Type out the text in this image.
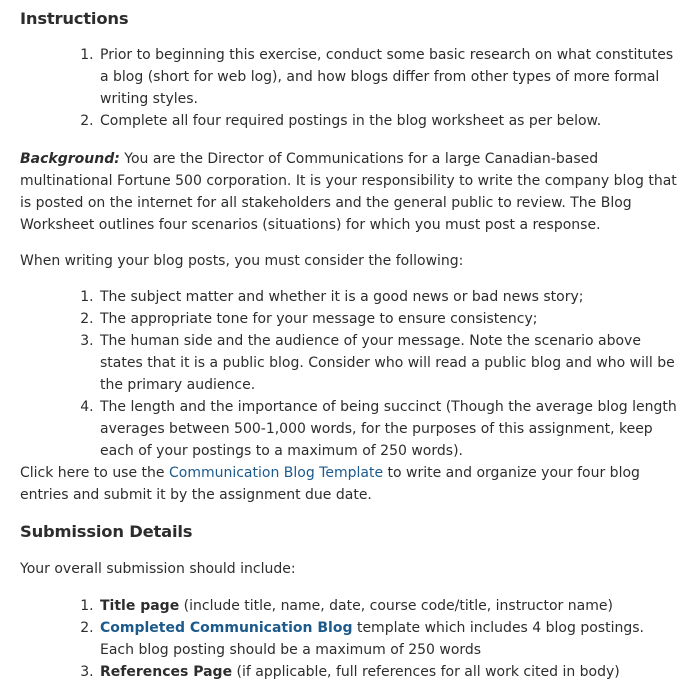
Instructions
1. Prior to beginning this exercise, conduct some basic research on what constitutes a blog (short for web log), and how blogs differ from other types of more formal writing styles.
2. Complete all four required postings in the blog worksheet as per below.

Background: You are the Director of Communications for a large Canadian-based multinational Fortune 500 corporation. It is your responsibility to write the company blog that is posted on the internet for all stakeholders and the general public to review. The Blog Worksheet outlines four scenarios (situations) for which you must post a response.

When writing your blog posts, you must consider the following:

1. The subject matter and whether it is a good news or bad news story;
2. The appropriate tone for your message to ensure consistency;
3. The human side and the audience of your message. Note the scenario above states that it is a public blog. Consider who will read a public blog and who will be the primary audience.
4. The length and the importance of being succinct (Though the average blog length averages between 500-1,000 words, for the purposes of this assignment, keep each of your postings to a maximum of 250 words).

Click here to use the Communication Blog Template to write and organize your four blog entries and submit it by the assignment due date.

Submission Details

Your overall submission should include:

1. Title page (include title, name, date, course code/title, instructor name)
2. Completed Communication Blog template which includes 4 blog postings. Each blog posting should be a maximum of 250 words
3. References Page (if applicable, full references for all work cited in body)
